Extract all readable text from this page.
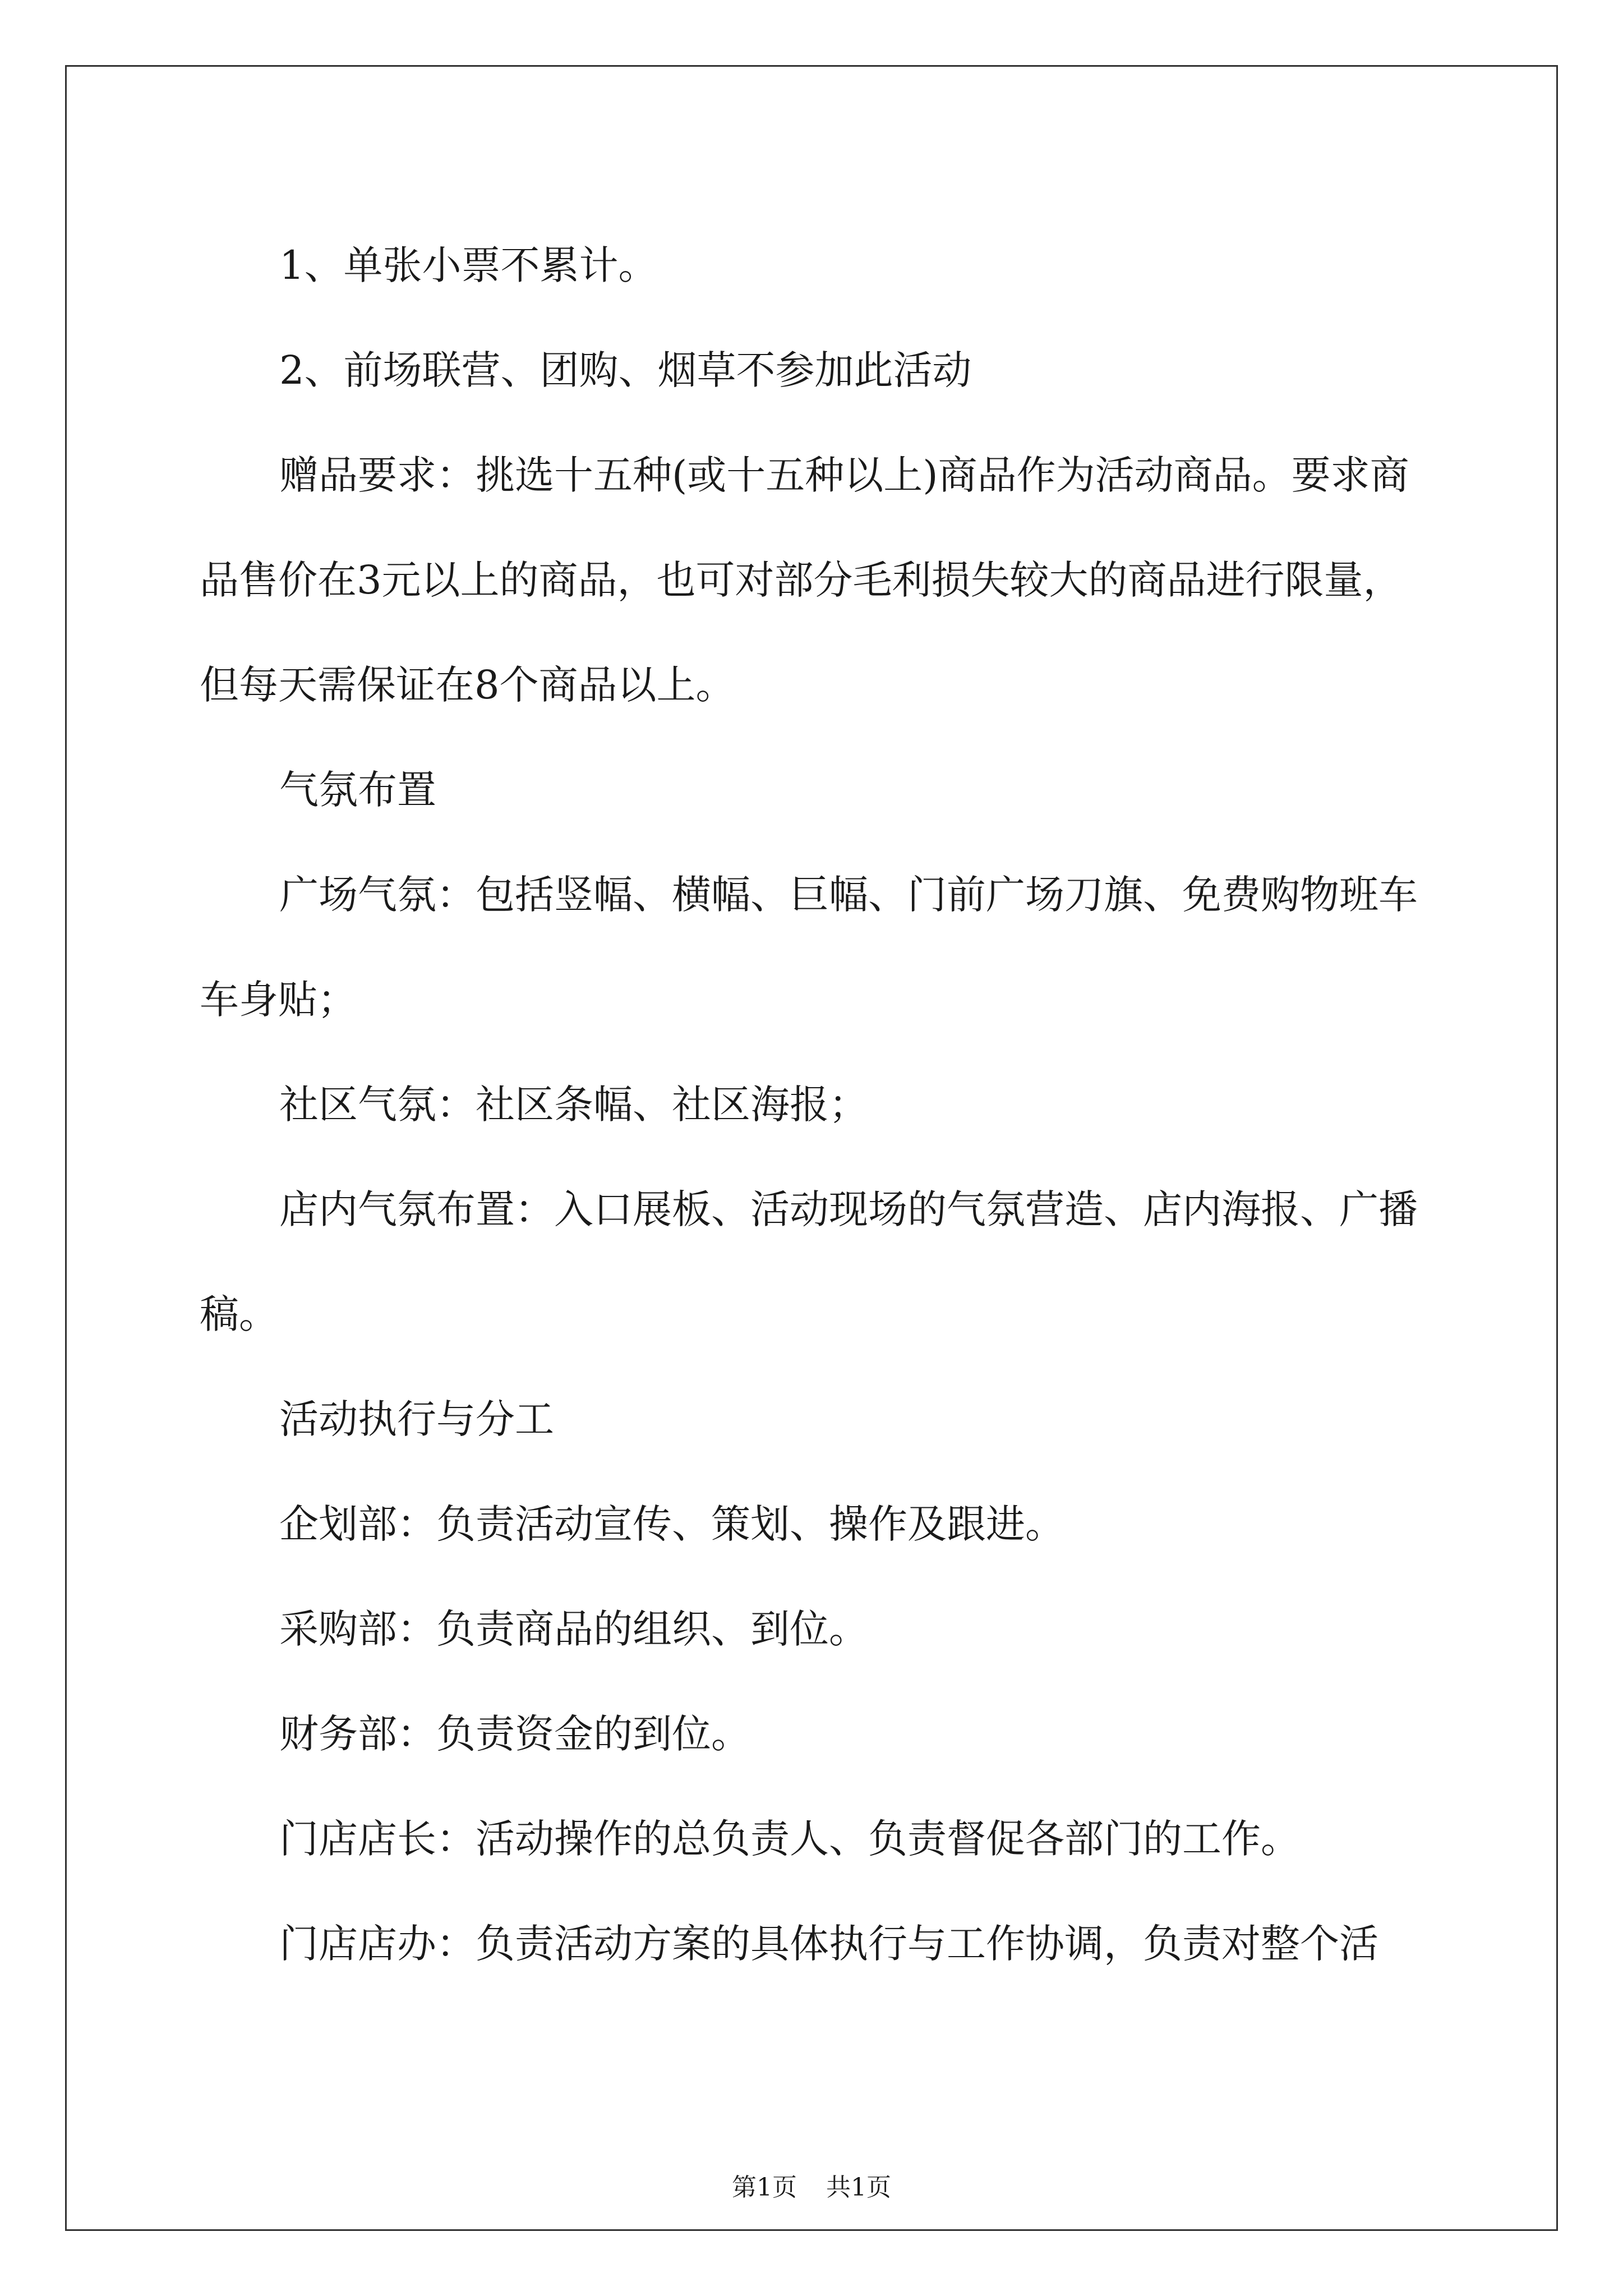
1、单张小票不累计。

2、前场联营、团购、烟草不参加此活动

赠品要求：挑选十五种(或十五种以上)商品作为活动商品。要求商品售价在3元以上的商品，也可对部分毛利损失较大的商品进行限量，但每天需保证在8个商品以上。

气氛布置

广场气氛：包括竖幅、横幅、巨幅、门前广场刀旗、免费购物班车车身贴；

社区气氛：社区条幅、社区海报；

店内气氛布置：入口展板、活动现场的气氛营造、店内海报、广播稿。

活动执行与分工

企划部：负责活动宣传、策划、操作及跟进。

采购部：负责商品的组织、到位。

财务部：负责资金的到位。

门店店长：活动操作的总负责人、负责督促各部门的工作。

门店店办：负责活动方案的具体执行与工作协调，负责对整个活

第1页 共1页
